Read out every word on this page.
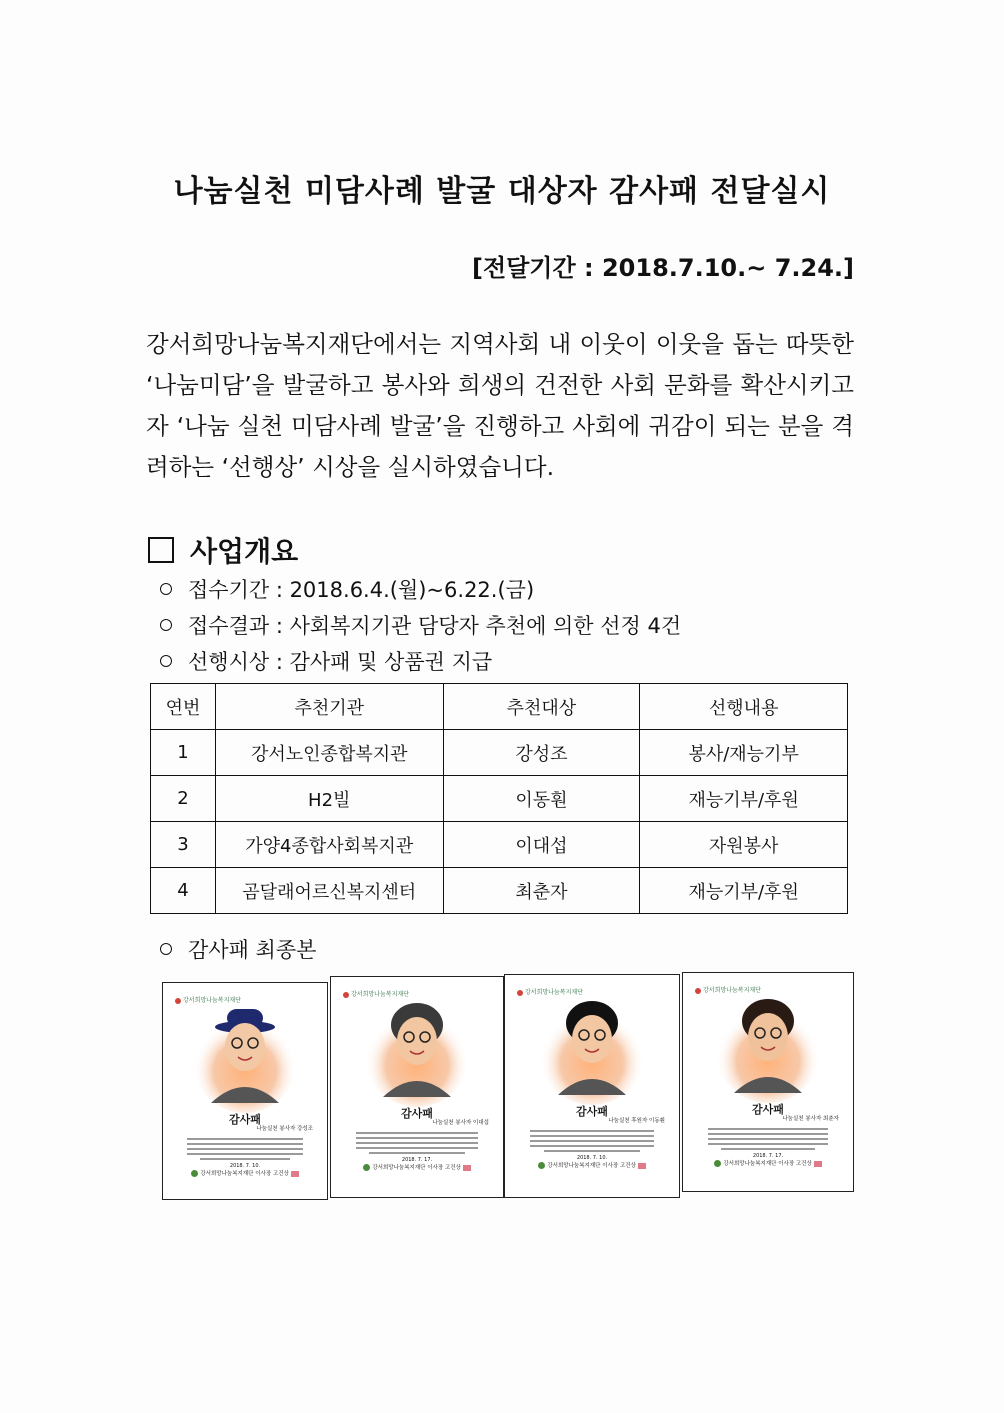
나눔실천 미담사례 발굴 대상자 감사패 전달실시
[전달기간 : 2018.7.10.~ 7.24.]
강서희망나눔복지재단에서는 지역사회 내 이웃이 이웃을 돕는 따뜻한 ‘나눔미담’을 발굴하고 봉사와 희생의 건전한 사회 문화를 확산시키고자 ‘나눔 실천 미담사례 발굴’을 진행하고 사회에 귀감이 되는 분을 격려하는 ‘선행상’ 시상을 실시하였습니다.
사업개요
접수기간 : 2018.6.4.(월)~6.22.(금)
접수결과 : 사회복지기관 담당자 추천에 의한 선정 4건
선행시상 : 감사패 및 상품권 지급
연번	추천기관	추천대상	선행내용
1	강서노인종합복지관	강성조	봉사/재능기부
2	H2빌	이동훤	재능기부/후원
3	가양4종합사회복지관	이대섭	자원봉사
4	곰달래어르신복지센터	최춘자	재능기부/후원
감사패 최종본
강서희망나눔복지재단
감사패
나눔실천 봉사자 강성조
2018. 7. 10.
강서희망나눔복지재단 이사장 고건상
강서희망나눔복지재단
감사패
나눔실천 봉사자 이대섭
2018. 7. 17.
강서희망나눔복지재단 이사장 고건상
강서희망나눔복지재단
감사패
나눔실천 후원자 이동훤
2018. 7. 10.
강서희망나눔복지재단 이사장 고건상
강서희망나눔복지재단
감사패
나눔실천 봉사자 최춘자
2018. 7. 17.
강서희망나눔복지재단 이사장 고건상
